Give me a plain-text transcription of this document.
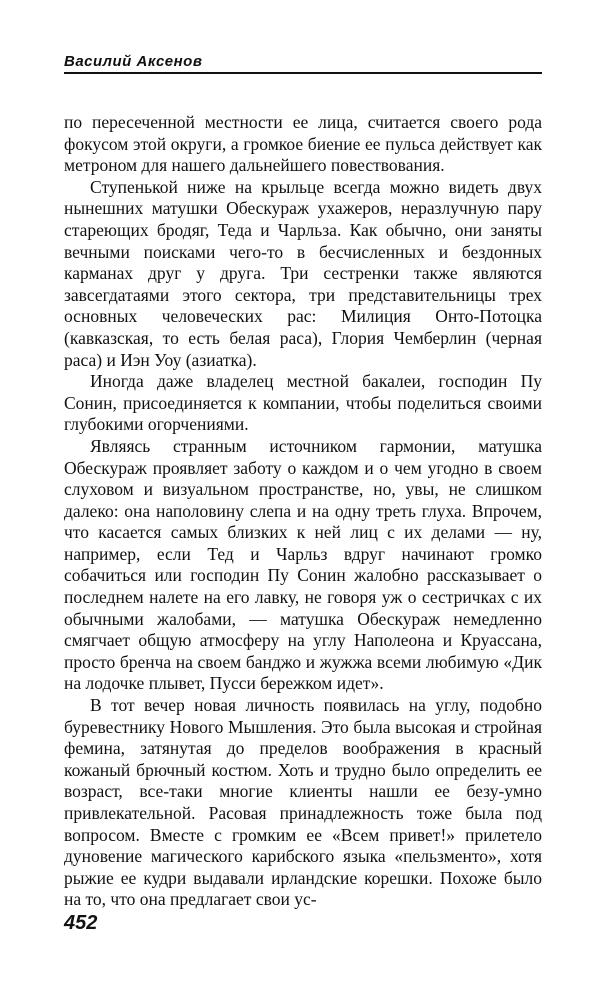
Василий Аксенов

по пересеченной местности ее лица, считается своего рода фокусом этой округи, а громкое биение ее пульса действует как метроном для нашего дальнейшего повествования.

Ступенькой ниже на крыльце всегда можно видеть двух нынешних матушки Обескураж ухажеров, неразлучную пару стареющих бродяг, Теда и Чарльза. Как обычно, они заняты вечными поисками чего-то в бесчисленных и бездонных карманах друг у друга. Три сестренки также являются завсегдатаями этого сектора, три представительницы трех основных человеческих рас: Милиция Онто-Потоцка (кавказская, то есть белая раса), Глория Чемберлин (черная раса) и Иэн Уоу (азиатка).

Иногда даже владелец местной бакалеи, господин Пу Сонин, присоединяется к компании, чтобы поделиться своими глубокими огорчениями.

Являясь странным источником гармонии, матушка Обескураж проявляет заботу о каждом и о чем угодно в своем слуховом и визуальном пространстве, но, увы, не слишком далеко: она наполовину слепа и на одну треть глуха. Впрочем, что касается самых близких к ней лиц с их делами — ну, например, если Тед и Чарльз вдруг начинают громко собачиться или господин Пу Сонин жалобно рассказывает о последнем налете на его лавку, не говоря уж о сестричках с их обычными жалобами, — матушка Обескураж немедленно смягчает общую атмосферу на углу Наполеона и Круассана, просто бренча на своем банджо и жужжа всеми любимую «Дик на лодочке плывет, Пусси бережком идет».

В тот вечер новая личность появилась на углу, подобно буревестнику Нового Мышления. Это была высокая и стройная фемина, затянутая до пределов воображения в красный кожаный брючный костюм. Хоть и трудно было определить ее возраст, все-таки многие клиенты нашли ее безу-умно привлекательной. Расовая принадлежность тоже была под вопросом. Вместе с громким ее «Всем привет!» прилетело дуновение магического карибского языка «пельзменто», хотя рыжие ее кудри выдавали ирландские корешки. Похоже было на то, что она предлагает свои ус-

452
